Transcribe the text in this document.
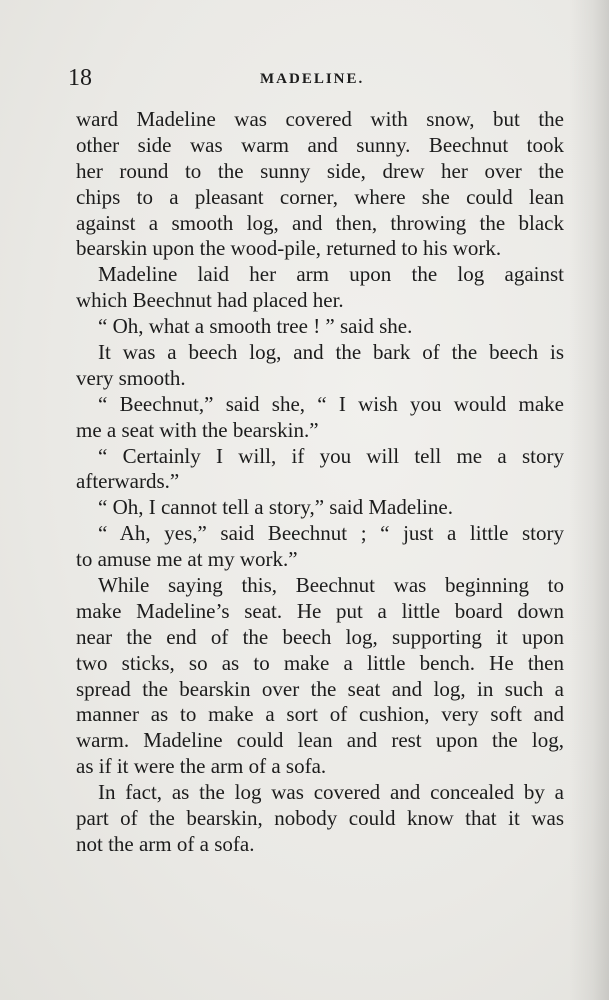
18	MADELINE.
ward Madeline was covered with snow, but the
other side was warm and sunny. Beechnut took
her round to the sunny side, drew her over the
chips to a pleasant corner, where she could lean
against a smooth log, and then, throwing the black
bearskin upon the wood-pile, returned to his work.
Madeline laid her arm upon the log against
which Beechnut had placed her.
“ Oh, what a smooth tree ! ” said she.
It was a beech log, and the bark of the beech is
very smooth.
“ Beechnut,” said she, “ I wish you would make
me a seat with the bearskin.”
“ Certainly I will, if you will tell me a story
afterwards.”
“ Oh, I cannot tell a story,” said Madeline.
“ Ah, yes,” said Beechnut ; “ just a little story
to amuse me at my work.”
While saying this, Beechnut was beginning to
make Madeline’s seat. He put a little board down
near the end of the beech log, supporting it upon
two sticks, so as to make a little bench. He then
spread the bearskin over the seat and log, in such a
manner as to make a sort of cushion, very soft and
warm. Madeline could lean and rest upon the log,
as if it were the arm of a sofa.
In fact, as the log was covered and concealed by a
part of the bearskin, nobody could know that it was
not the arm of a sofa.
